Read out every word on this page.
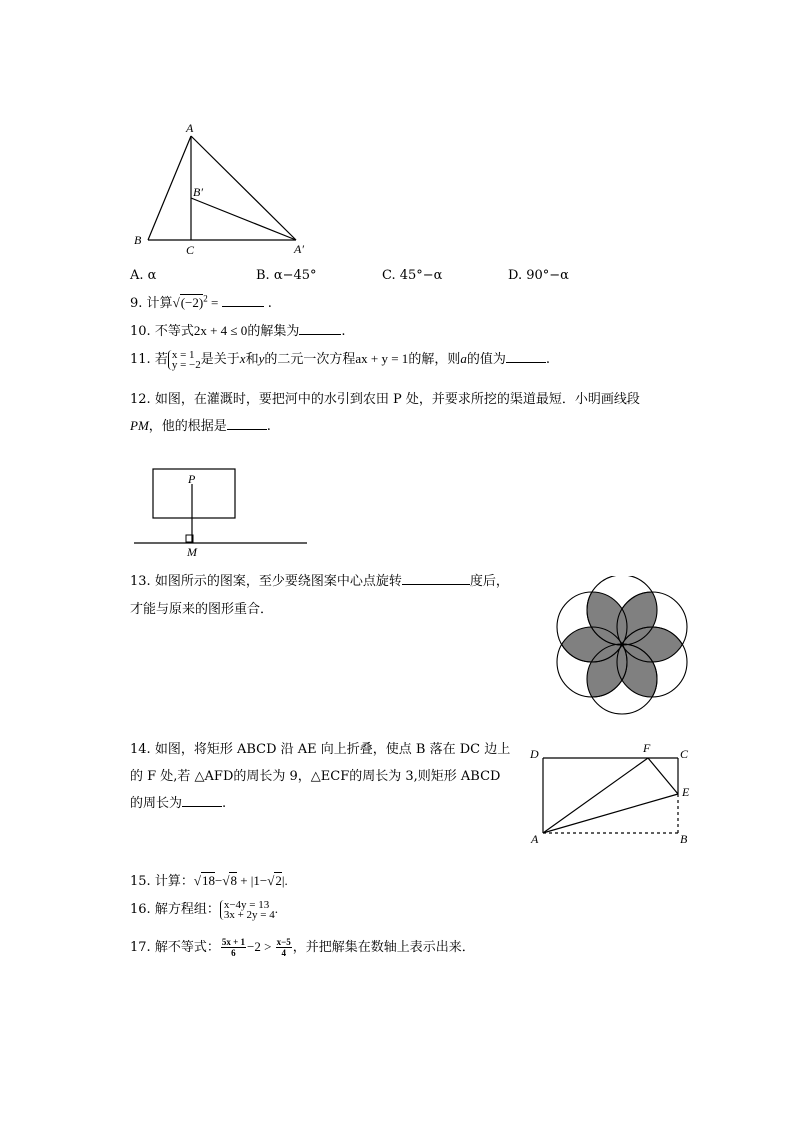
A
B′
B
C	A′
A. α	B. α−45°	C. 45°−α	D. 90°−α
9. 计算$√(-2)^2$ =	.
10. 不等式2x + 4 ≤ 0的解集为	.
11. 若 x = 1
y = −2 是关于x和y的二元一次方程ax + y = 1的解，则a的值为	.
12. 如图，在灌溉时，要把河中的水引到农田 P 处，并要求所挖的渠道最短．小明画线段
PM，他的根据是	.
P
M
13. 如图所示的图案，至少要绕图案中心点旋转	度后，
才能与原来的图形重合．
14. 如图，将矩形 ABCD 沿 AE 向上折叠，使点 B 落在 DC 边上
的 F 处,若 △AFD的周长为 9，△ECF的周长为 3,则矩形 ABCD
的周长为	.
D	F C
E
A	B
15. 计算：√18−√8 + |1−√2|.
16. 解方程组： x−4y = 13
3x + 2y = 4 .
17. 解不等式： $\frac{5x + 1}{6} -2 > \frac{x-5}{4}$ ，并把解集在数轴上表示出来．
